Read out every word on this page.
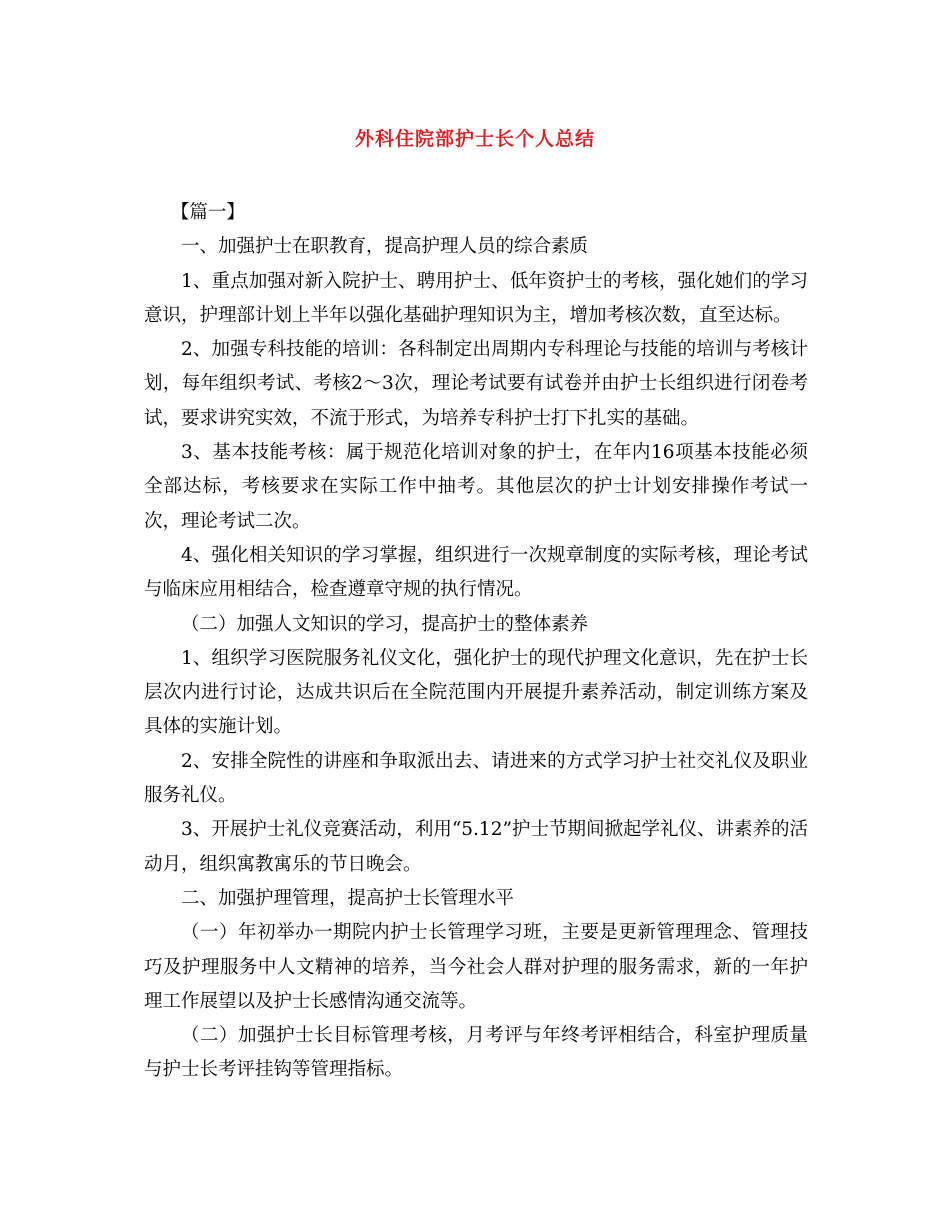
外科住院部护士长个人总结

【篇一】

一、加强护士在职教育，提高护理人员的综合素质

1、重点加强对新入院护士、聘用护士、低年资护士的考核，强化她们的学习意识，护理部计划上半年以强化基础护理知识为主，增加考核次数，直至达标。

2、加强专科技能的培训：各科制定出周期内专科理论与技能的培训与考核计划，每年组织考试、考核2～3次，理论考试要有试卷并由护士长组织进行闭卷考试，要求讲究实效，不流于形式，为培养专科护士打下扎实的基础。

3、基本技能考核：属于规范化培训对象的护士，在年内16项基本技能必须全部达标，考核要求在实际工作中抽考。其他层次的护士计划安排操作考试一次，理论考试二次。

4、强化相关知识的学习掌握，组织进行一次规章制度的实际考核，理论考试与临床应用相结合，检查遵章守规的执行情况。

（二）加强人文知识的学习，提高护士的整体素养

1、组织学习医院服务礼仪文化，强化护士的现代护理文化意识，先在护士长层次内进行讨论，达成共识后在全院范围内开展提升素养活动，制定训练方案及具体的实施计划。

2、安排全院性的讲座和争取派出去、请进来的方式学习护士社交礼仪及职业服务礼仪。

3、开展护士礼仪竞赛活动，利用“5.12”护士节期间掀起学礼仪、讲素养的活动月，组织寓教寓乐的节日晚会。

二、加强护理管理，提高护士长管理水平

（一）年初举办一期院内护士长管理学习班，主要是更新管理理念、管理技巧及护理服务中人文精神的培养，当今社会人群对护理的服务需求，新的一年护理工作展望以及护士长感情沟通交流等。

（二）加强护士长目标管理考核，月考评与年终考评相结合，科室护理质量与护士长考评挂钩等管理指标。
